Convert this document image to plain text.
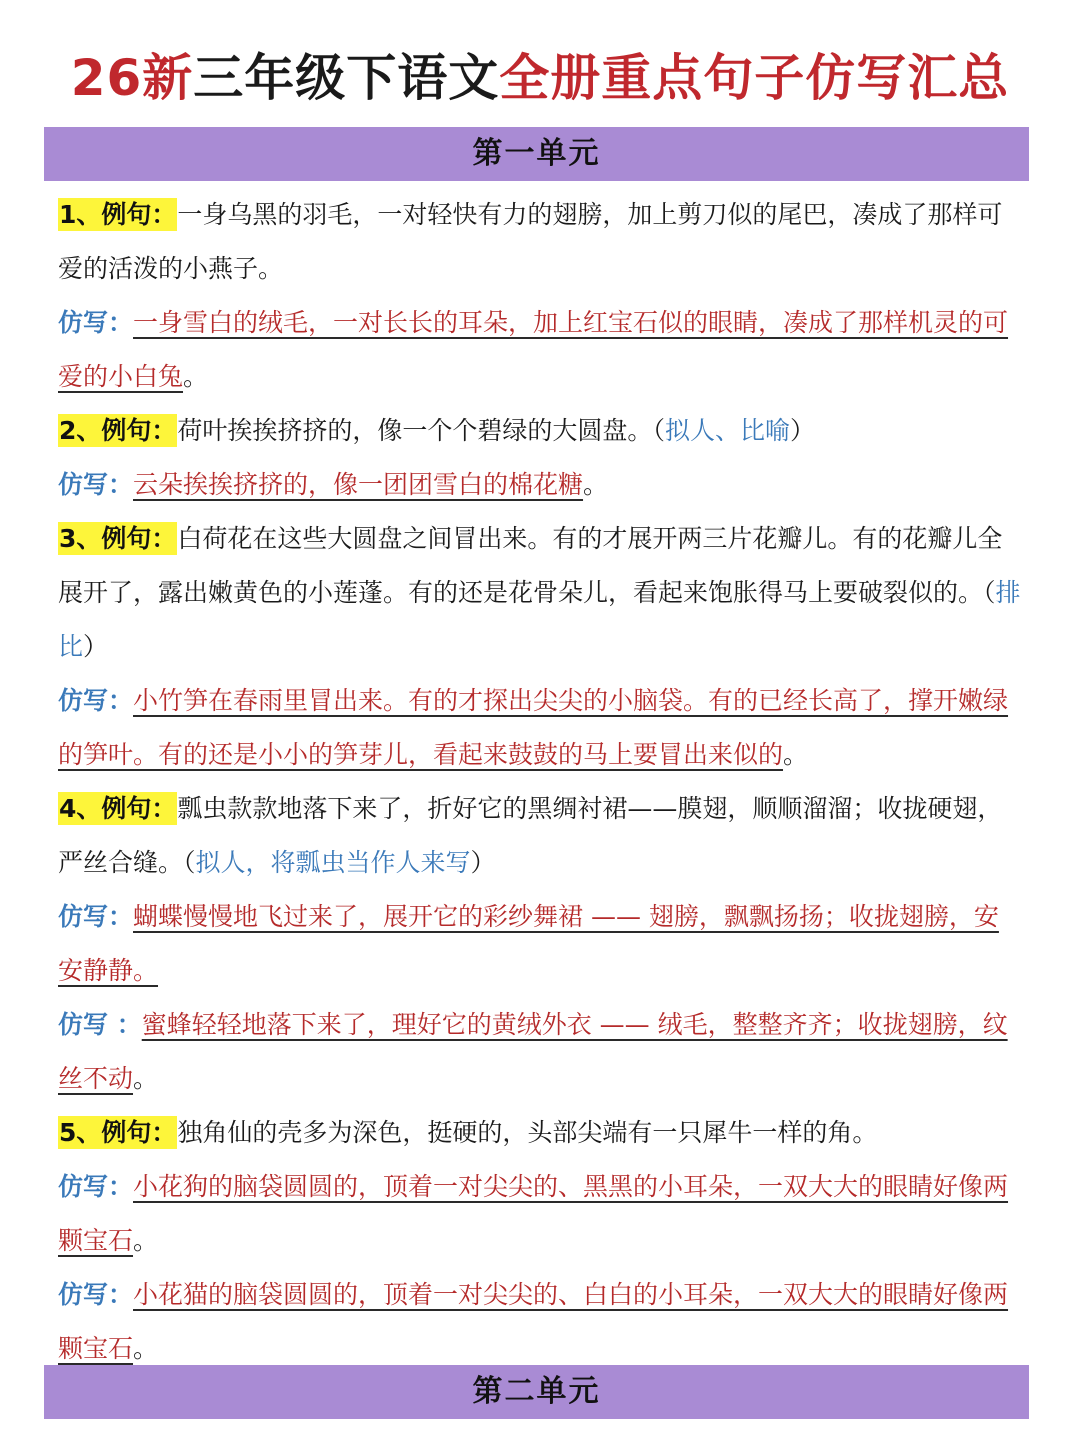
26新三年级下语文全册重点句子仿写汇总
第一单元

1、例句：一身乌黑的羽毛，一对轻快有力的翅膀，加上剪刀似的尾巴，凑成了那样可爱的活泼的小燕子。

仿写：一身雪白的绒毛，一对长长的耳朵，加上红宝石似的眼睛，凑成了那样机灵的可爱的小白兔。

2、例句：荷叶挨挨挤挤的，像一个个碧绿的大圆盘。（拟人、比喻）

仿写：云朵挨挨挤挤的，像一团团雪白的棉花糖。

3、例句：白荷花在这些大圆盘之间冒出来。有的才展开两三片花瓣儿。有的花瓣儿全展开了，露出嫩黄色的小莲蓬。有的还是花骨朵儿，看起来饱胀得马上要破裂似的。（排比）

仿写：小竹笋在春雨里冒出来。有的才探出尖尖的小脑袋。有的已经长高了，撑开嫩绿的笋叶。有的还是小小的笋芽儿，看起来鼓鼓的马上要冒出来似的。

4、例句：瓢虫款款地落下来了，折好它的黑绸衬裙——膜翅，顺顺溜溜；收拢硬翅，严丝合缝。（拟人，将瓢虫当作人来写）

仿写：蝴蝶慢慢地飞过来了，展开它的彩纱舞裙 —— 翅膀，飘飘扬扬；收拢翅膀，安安静静。

仿写 ：蜜蜂轻轻地落下来了，理好它的黄绒外衣 —— 绒毛，整整齐齐；收拢翅膀，纹丝不动。

5、例句：独角仙的壳多为深色，挺硬的，头部尖端有一只犀牛一样的角。

仿写：小花狗的脑袋圆圆的，顶着一对尖尖的、黑黑的小耳朵，一双大大的眼睛好像两颗宝石。

仿写：小花猫的脑袋圆圆的，顶着一对尖尖的、白白的小耳朵，一双大大的眼睛好像两颗宝石。

第二单元
